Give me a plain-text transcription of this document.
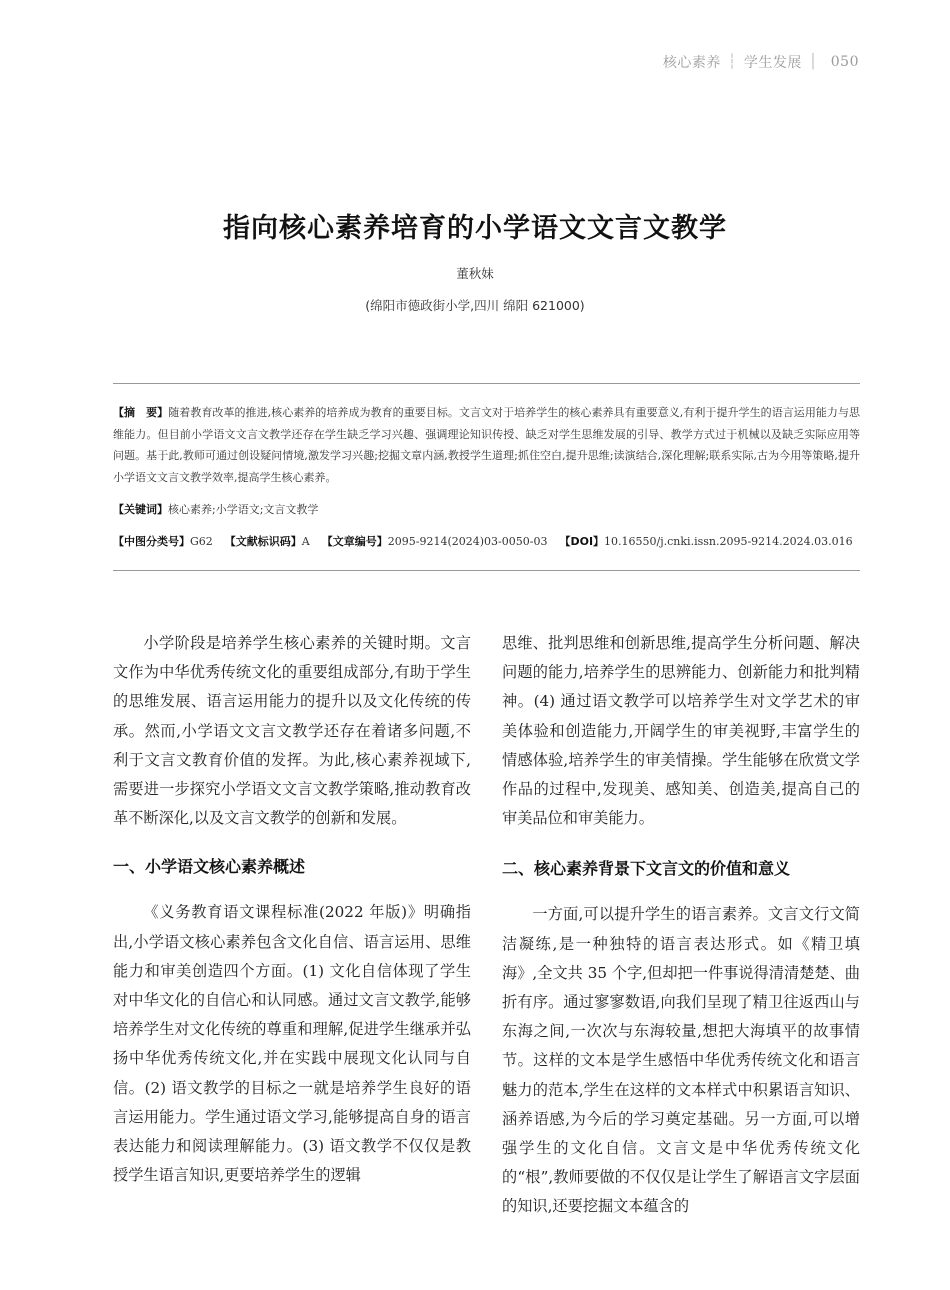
核心素养 ┆ 学生发展 │ 050
指向核心素养培育的小学语文文言文教学
董秋妹
(绵阳市德政街小学,四川 绵阳 621000)
【摘　要】随着教育改革的推进,核心素养的培养成为教育的重要目标。文言文对于培养学生的核心素养具有重要意义,有利于提升学生的语言运用能力与思维能力。但目前小学语文文言文教学还存在学生缺乏学习兴趣、强调理论知识传授、缺乏对学生思维发展的引导、教学方式过于机械以及缺乏实际应用等问题。基于此,教师可通过创设疑问情境,激发学习兴趣;挖掘文章内涵,教授学生道理;抓住空白,提升思维;读演结合,深化理解;联系实际,古为今用等策略,提升小学语文文言文教学效率,提高学生核心素养。
【关键词】核心素养;小学语文;文言文教学
【中图分类号】G62 【文献标识码】A 【文章编号】2095-9214(2024)03-0050-03 【DOI】10.16550/j.cnki.issn.2095-9214.2024.03.016

小学阶段是培养学生核心素养的关键时期。文言文作为中华优秀传统文化的重要组成部分,有助于学生的思维发展、语言运用能力的提升以及文化传统的传承。然而,小学语文文言文教学还存在着诸多问题,不利于文言文教育价值的发挥。为此,核心素养视域下,需要进一步探究小学语文文言文教学策略,推动教育改革不断深化,以及文言文教学的创新和发展。

一、小学语文核心素养概述

《义务教育语文课程标准(2022 年版)》明确指出,小学语文核心素养包含文化自信、语言运用、思维能力和审美创造四个方面。(1) 文化自信体现了学生对中华文化的自信心和认同感。通过文言文教学,能够培养学生对文化传统的尊重和理解,促进学生继承并弘扬中华优秀传统文化,并在实践中展现文化认同与自信。(2) 语文教学的目标之一就是培养学生良好的语言运用能力。学生通过语文学习,能够提高自身的语言表达能力和阅读理解能力。(3) 语文教学不仅仅是教授学生语言知识,更要培养学生的逻辑

思维、批判思维和创新思维,提高学生分析问题、解决问题的能力,培养学生的思辨能力、创新能力和批判精神。(4) 通过语文教学可以培养学生对文学艺术的审美体验和创造能力,开阔学生的审美视野,丰富学生的情感体验,培养学生的审美情操。学生能够在欣赏文学作品的过程中,发现美、感知美、创造美,提高自己的审美品位和审美能力。

二、核心素养背景下文言文的价值和意义

一方面,可以提升学生的语言素养。文言文行文简洁凝练,是一种独特的语言表达形式。如《精卫填海》,全文共 35 个字,但却把一件事说得清清楚楚、曲折有序。通过寥寥数语,向我们呈现了精卫往返西山与东海之间,一次次与东海较量,想把大海填平的故事情节。这样的文本是学生感悟中华优秀传统文化和语言魅力的范本,学生在这样的文本样式中积累语言知识、涵养语感,为今后的学习奠定基础。另一方面,可以增强学生的文化自信。文言文是中华优秀传统文化的“根”,教师要做的不仅仅是让学生了解语言文字层面的知识,还要挖掘文本蕴含的
